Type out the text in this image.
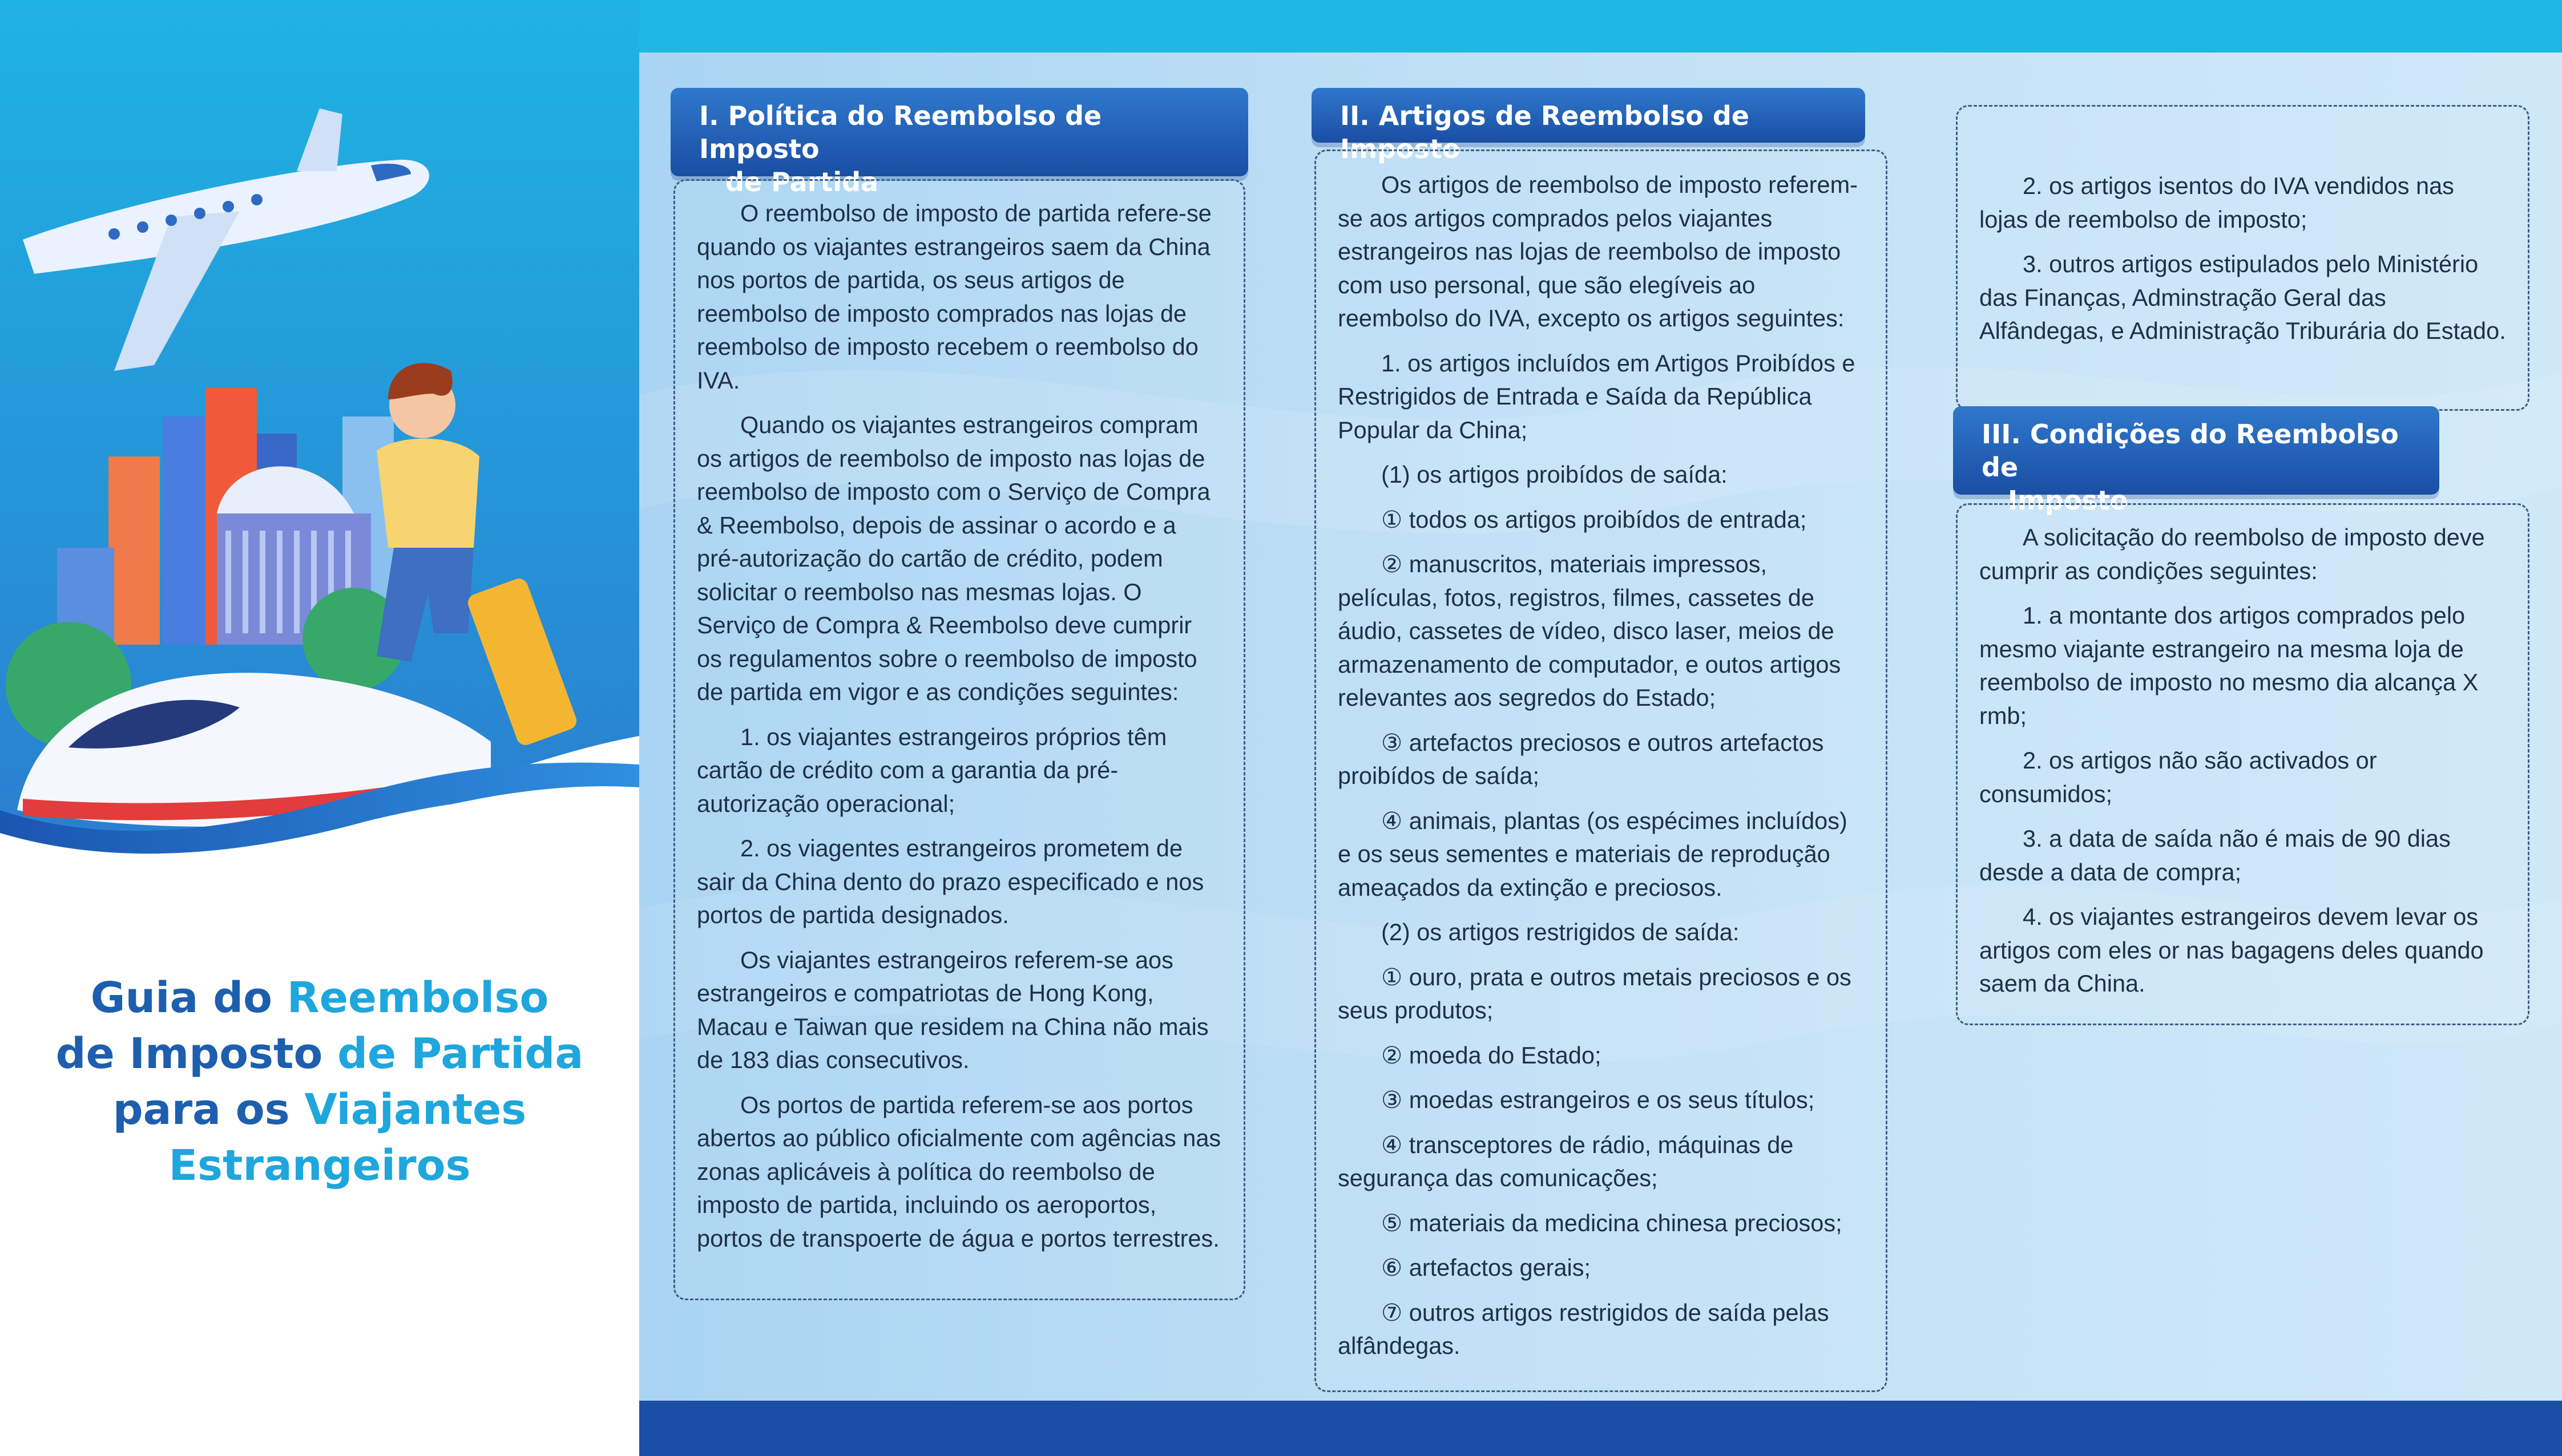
Guia do Reembolso
de Imposto de Partida
para os Viajantes
Estrangeiros
I. Política do Reembolso de Imposto
de Partida

O reembolso de imposto de partida refere-se quando os viajantes estrangeiros saem da China nos portos de partida, os seus artigos de reembolso de imposto comprados nas lojas de reembolso de imposto recebem o reembolso do IVA.

Quando os viajantes estrangeiros compram os artigos de reembolso de imposto nas lojas de reembolso de imposto com o Serviço de Compra & Reembolso, depois de assinar o acordo e a pré-autorização do cartão de crédito, podem solicitar o reembolso nas mesmas lojas. O Serviço de Compra & Reembolso deve cumprir os regulamentos sobre o reembolso de imposto de partida em vigor e as condições seguintes:

1. os viajantes estrangeiros próprios têm cartão de crédito com a garantia da pré-autorização operacional;

2. os viagentes estrangeiros prometem de sair da China dento do prazo especificado e nos portos de partida designados.

Os viajantes estrangeiros referem-se aos estrangeiros e compatriotas de Hong Kong, Macau e Taiwan que residem na China não mais de 183 dias consecutivos.

Os portos de partida referem-se aos portos abertos ao público oficialmente com agências nas zonas aplicáveis à política do reembolso de imposto de partida, incluindo os aeroportos, portos de transpoerte de água e portos terrestres.

II. Artigos de Reembolso de Imposto

Os artigos de reembolso de imposto referem-se aos artigos comprados pelos viajantes estrangeiros nas lojas de reembolso de imposto com uso personal, que são elegíveis ao reembolso do IVA, excepto os artigos seguintes:

1. os artigos incluídos em Artigos Proibídos e Restrigidos de Entrada e Saída da República Popular da China;

(1) os artigos proibídos de saída:

① todos os artigos proibídos de entrada;

② manuscritos, materiais impressos, películas, fotos, registros, filmes, cassetes de áudio, cassetes de vídeo, disco laser, meios de armazenamento de computador, e outos artigos relevantes aos segredos do Estado;

③ artefactos preciosos e outros artefactos proibídos de saída;

④ animais, plantas (os espécimes incluídos) e os seus sementes e materiais de reprodução ameaçados da extinção e preciosos.

(2) os artigos restrigidos de saída:

① ouro, prata e outros metais preciosos e os seus produtos;

② moeda do Estado;

③ moedas estrangeiros e os seus títulos;

④ transceptores de rádio, máquinas de segurança das comunicações;

⑤ materiais da medicina chinesa preciosos;

⑥ artefactos gerais;

⑦ outros artigos restrigidos de saída pelas alfândegas.

2. os artigos isentos do IVA vendidos nas lojas de reembolso de imposto;

3. outros artigos estipulados pelo Ministério das Finanças, Adminstração Geral das Alfândegas, e Administração Triburária do Estado.

III. Condições do Reembolso de
Imposto

A solicitação do reembolso de imposto deve cumprir as condições seguintes:

1. a montante dos artigos comprados pelo mesmo viajante estrangeiro na mesma loja de reembolso de imposto no mesmo dia alcança X rmb;

2. os artigos não são activados or consumidos;

3. a data de saída não é mais de 90 dias desde a data de compra;

4. os viajantes estrangeiros devem levar os artigos com eles or nas bagagens deles quando saem da China.
